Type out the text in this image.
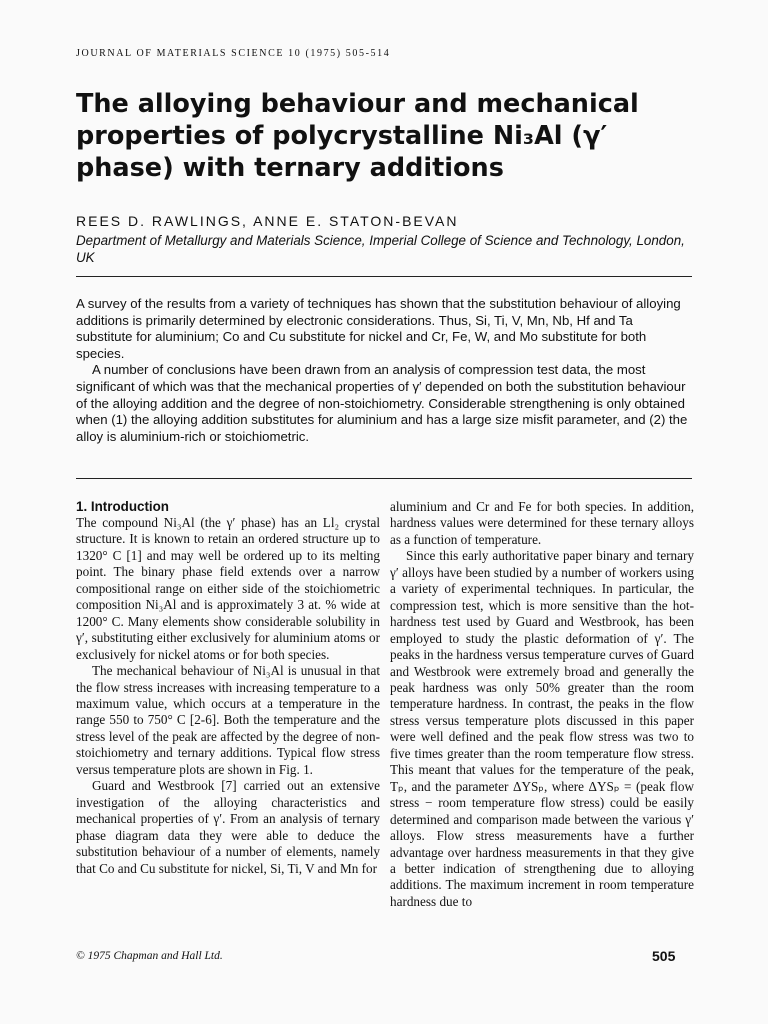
JOURNAL OF MATERIALS SCIENCE 10 (1975) 505-514
The alloying behaviour and mechanical properties of polycrystalline Ni₃Al (γ′ phase) with ternary additions
REES D. RAWLINGS, ANNE E. STATON-BEVAN
Department of Metallurgy and Materials Science, Imperial College of Science and Technology, London, UK

A survey of the results from a variety of techniques has shown that the substitution behaviour of alloying additions is primarily determined by electronic considerations. Thus, Si, Ti, V, Mn, Nb, Hf and Ta substitute for aluminium; Co and Cu substitute for nickel and Cr, Fe, W, and Mo substitute for both species.

A number of conclusions have been drawn from an analysis of compression test data, the most significant of which was that the mechanical properties of γ′ depended on both the substitution behaviour of the alloying addition and the degree of non-stoichiometry. Considerable strengthening is only obtained when (1) the alloying addition substitutes for aluminium and has a large size misfit parameter, and (2) the alloy is aluminium-rich or stoichiometric.

1. Introduction

The compound Ni₃Al (the γ′ phase) has an Ll₂ crystal structure. It is known to retain an ordered structure up to 1320° C [1] and may well be ordered up to its melting point. The binary phase field extends over a narrow compositional range on either side of the stoichiometric composition Ni₃Al and is approximately 3 at. % wide at 1200° C. Many elements show considerable solubility in γ′, substituting either exclusively for aluminium atoms or exclusively for nickel atoms or for both species.

The mechanical behaviour of Ni₃Al is unusual in that the flow stress increases with increasing temperature to a maximum value, which occurs at a temperature in the range 550 to 750° C [2-6]. Both the temperature and the stress level of the peak are affected by the degree of non-stoichiometry and ternary additions. Typical flow stress versus temperature plots are shown in Fig. 1.

Guard and Westbrook [7] carried out an extensive investigation of the alloying characteristics and mechanical properties of γ′. From an analysis of ternary phase diagram data they were able to deduce the substitution behaviour of a number of elements, namely that Co and Cu substitute for nickel, Si, Ti, V and Mn for

aluminium and Cr and Fe for both species. In addition, hardness values were determined for these ternary alloys as a function of temperature.

Since this early authoritative paper binary and ternary γ′ alloys have been studied by a number of workers using a variety of experimental techniques. In particular, the compression test, which is more sensitive than the hot-hardness test used by Guard and Westbrook, has been employed to study the plastic deformation of γ′. The peaks in the hardness versus temperature curves of Guard and Westbrook were extremely broad and generally the peak hardness was only 50% greater than the room temperature hardness. In contrast, the peaks in the flow stress versus temperature plots discussed in this paper were well defined and the peak flow stress was two to five times greater than the room temperature flow stress. This meant that values for the temperature of the peak, Tₚ, and the parameter ΔYSₚ, where ΔYSₚ = (peak flow stress − room temperature flow stress) could be easily determined and comparison made between the various γ′ alloys. Flow stress measurements have a further advantage over hardness measurements in that they give a better indication of strengthening due to alloying additions. The maximum increment in room temperature hardness due to

© 1975 Chapman and Hall Ltd.	505
